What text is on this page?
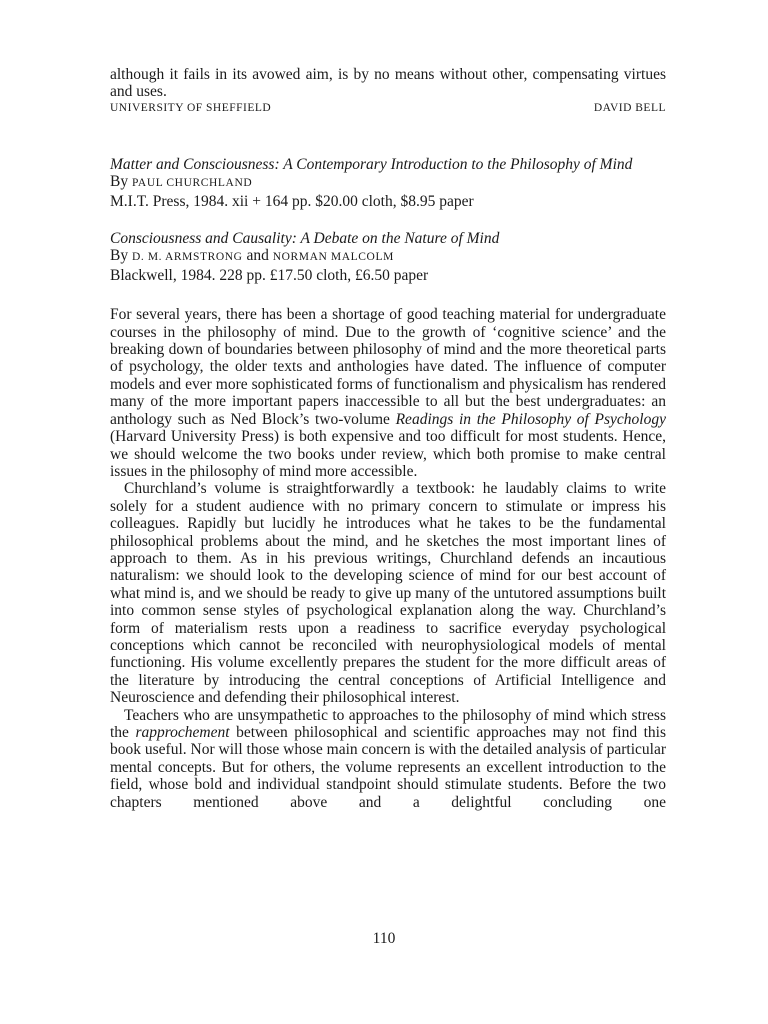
although it fails in its avowed aim, is by no means without other, compensating virtues and uses.

UNIVERSITY OF SHEFFIELD	DAVID BELL

Matter and Consciousness: A Contemporary Introduction to the Philosophy of Mind

By PAUL CHURCHLAND

M.I.T. Press, 1984. xii + 164 pp. $20.00 cloth, $8.95 paper

Consciousness and Causality: A Debate on the Nature of Mind

By D. M. ARMSTRONG and NORMAN MALCOLM

Blackwell, 1984. 228 pp. £17.50 cloth, £6.50 paper

For several years, there has been a shortage of good teaching material for undergraduate courses in the philosophy of mind. Due to the growth of ‘cognitive science’ and the breaking down of boundaries between philosophy of mind and the more theoretical parts of psychology, the older texts and anthologies have dated. The influence of computer models and ever more sophisticated forms of functionalism and physicalism has rendered many of the more important papers inaccessible to all but the best undergraduates: an anthology such as Ned Block’s two-volume Readings in the Philosophy of Psychology (Harvard University Press) is both expensive and too difficult for most students. Hence, we should welcome the two books under review, which both promise to make central issues in the philosophy of mind more accessible.

Churchland’s volume is straightforwardly a textbook: he laudably claims to write solely for a student audience with no primary concern to stimulate or impress his colleagues. Rapidly but lucidly he introduces what he takes to be the fundamental philosophical problems about the mind, and he sketches the most important lines of approach to them. As in his previous writings, Churchland defends an incautious naturalism: we should look to the developing science of mind for our best account of what mind is, and we should be ready to give up many of the untutored assumptions built into common sense styles of psychological explanation along the way. Churchland’s form of materialism rests upon a readiness to sacrifice everyday psychological conceptions which cannot be reconciled with neurophysiological models of mental functioning. His volume excellently prepares the student for the more difficult areas of the literature by introducing the central conceptions of Artificial Intelligence and Neuroscience and defending their philosophical interest.

Teachers who are unsympathetic to approaches to the philosophy of mind which stress the rapprochement between philosophical and scientific approaches may not find this book useful. Nor will those whose main concern is with the detailed analysis of particular mental concepts. But for others, the volume represents an excellent introduction to the field, whose bold and individual standpoint should stimulate students. Before the two chapters mentioned above and a delightful concluding one

110
